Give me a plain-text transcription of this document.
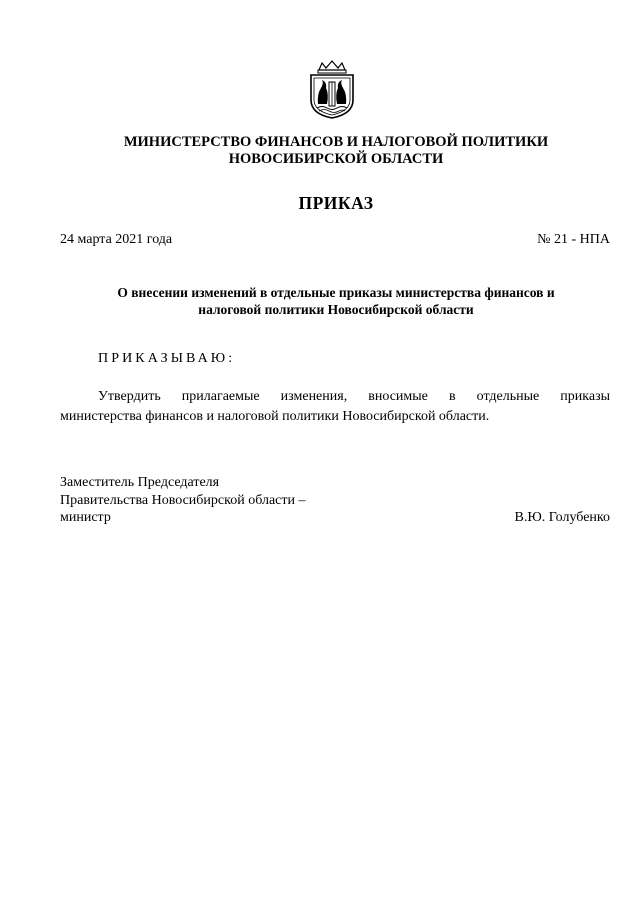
МИНИСТЕРСТВО ФИНАНСОВ И НАЛОГОВОЙ ПОЛИТИКИ
НОВОСИБИРСКОЙ ОБЛАСТИ
ПРИКАЗ
24 марта 2021 года	№ 21 - НПА
О внесении изменений в отдельные приказы министерства финансов и
налоговой политики Новосибирской области
ПРИКАЗЫВАЮ:
Утвердить прилагаемые изменения, вносимые в отдельные приказы
министерства финансов и налоговой политики Новосибирской области.
Заместитель Председателя
Правительства Новосибирской области –
министр	В.Ю. Голубенко
